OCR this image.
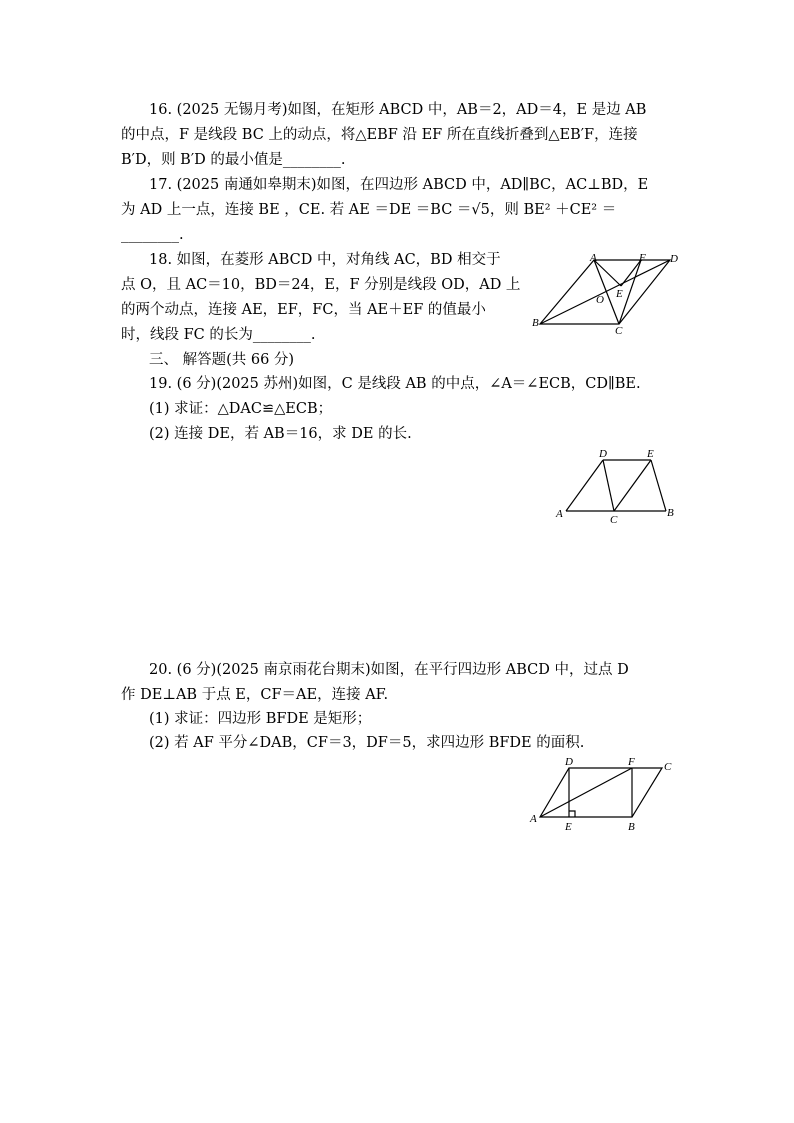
16. (2025 无锡月考)如图，在矩形 ABCD 中，AB＝2，AD＝4，E 是边 AB
的中点，F 是线段 BC 上的动点，将△EBF 沿 EF 所在直线折叠到△EB′F，连接
B′D，则 B′D 的最小值是________.
17. (2025 南通如皋期末)如图，在四边形 ABCD 中，AD∥BC，AC⊥BD，E
为 AD 上一点，连接 BE ，CE. 若 AE ＝DE ＝BC ＝√5，则 BE² ＋CE² ＝
________.
18. 如图，在菱形 ABCD 中，对角线 AC，BD 相交于
点 O，且 AC＝10，BD＝24，E，F 分别是线段 OD，AD 上
的两个动点，连接 AE，EF，FC，当 AE＋EF 的值最小
时，线段 FC 的长为________.
A	F D
E
O
B
C
三、 解答题(共 66 分)
19. (6 分)(2025 苏州)如图，C 是线段 AB 的中点，∠A＝∠ECB，CD∥BE.
(1) 求证：△DAC≌△ECB；
(2) 连接 DE，若 AB＝16，求 DE 的长.
D	E
A	C
B
20. (6 分)(2025 南京雨花台期末)如图，在平行四边形 ABCD 中，过点 D
作 DE⊥AB 于点 E，CF＝AE，连接 AF.
(1) 求证：四边形 BFDE 是矩形；
(2) 若 AF 平分∠DAB，CF＝3，DF＝5，求四边形 BFDE 的面积.
D	F	C
A
E	B
